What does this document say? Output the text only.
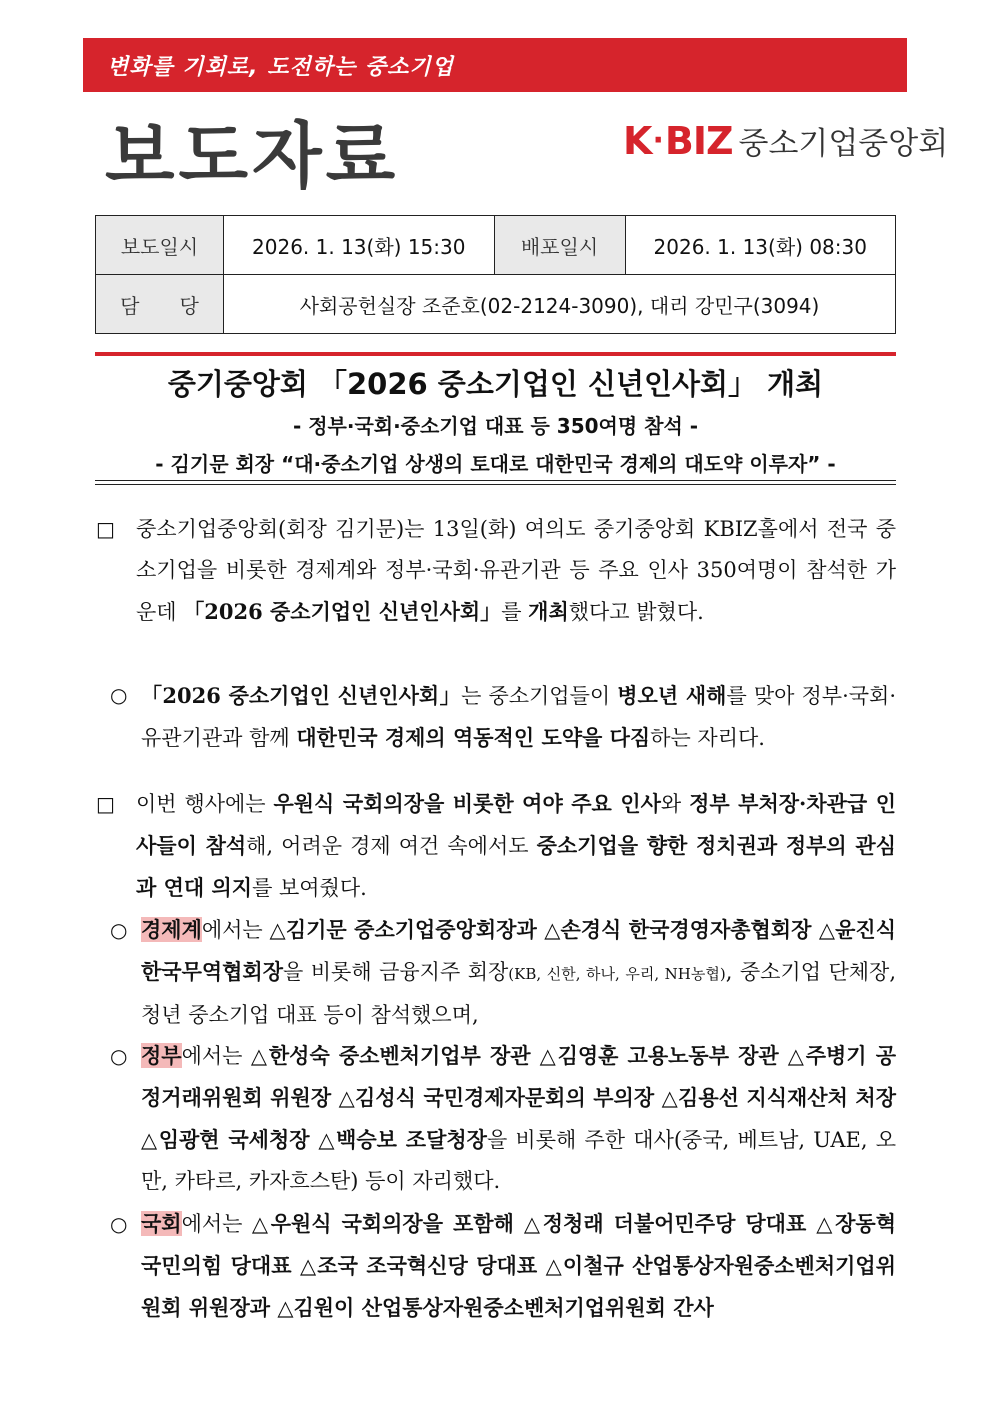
변화를 기회로, 도전하는 중소기업
보도자료	K · BIZ 중소기업중앙회
보도일시	2026. 1. 13(화) 15:30	배포일시	2026. 1. 13(화) 08:30
담　　당	사회공헌실장 조준호(02-2124-3090), 대리 강민구(3094)		
중기중앙회 「2026 중소기업인 신년인사회」 개최
- 정부·국회·중소기업 대표 등 350여명 참석 -
- 김기문 회장 “대·중소기업 상생의 토대로 대한민국 경제의 대도약 이루자” -
□ 중소기업중앙회(회장 김기문)는 13일(화) 여의도 중기중앙회 KBIZ홀에서 전국 중소기업을 비롯한 경제계와 정부·국회·유관기관 등 주요 인사 350여명이 참석한 가운데 「2026 중소기업인 신년인사회」를 개최했다고 밝혔다.
○ 「2026 중소기업인 신년인사회」는 중소기업들이 병오년 새해를 맞아 정부·국회·유관기관과 함께 대한민국 경제의 역동적인 도약을 다짐하는 자리다.
□ 이번 행사에는 우원식 국회의장을 비롯한 여야 주요 인사와 정부 부처장·차관급 인사들이 참석해, 어려운 경제 여건 속에서도 중소기업을 향한 정치권과 정부의 관심과 연대 의지를 보여줬다.
○ 경제계에서는 △김기문 중소기업중앙회장과 △손경식 한국경영자총협회장 △윤진식 한국무역협회장을 비롯해 금융지주 회장(KB, 신한, 하나, 우리, NH농협), 중소기업 단체장, 청년 중소기업 대표 등이 참석했으며,
○ 정부에서는 △한성숙 중소벤처기업부 장관 △김영훈 고용노동부 장관 △주병기 공정거래위원회 위원장 △김성식 국민경제자문회의 부의장 △김용선 지식재산처 처장 △임광현 국세청장 △백승보 조달청장을 비롯해 주한 대사(중국, 베트남, UAE, 오만, 카타르, 카자흐스탄) 등이 자리했다.
○ 국회에서는 △우원식 국회의장을 포함해 △정청래 더불어민주당 당대표 △장동혁 국민의힘 당대표 △조국 조국혁신당 당대표 △이철규 산업통상자원중소벤처기업위원회 위원장과 △김원이 산업통상자원중소벤처기업위원회 간사
